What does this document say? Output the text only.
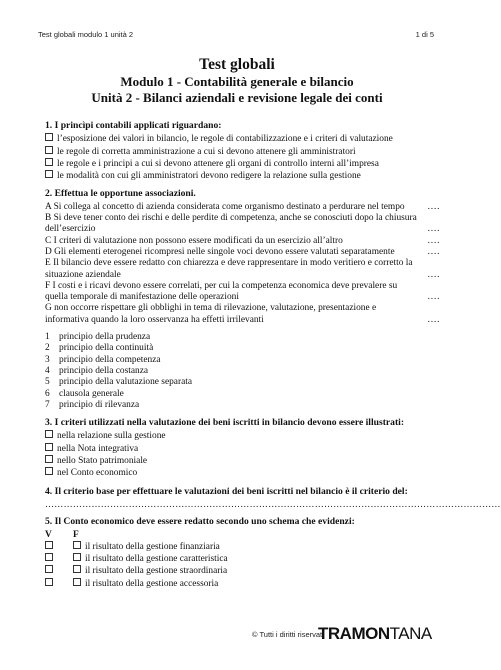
Test globali modulo 1 unità 2	1 di 5
Test globali
Modulo 1 - Contabilità generale e bilancio
Unità 2 - Bilanci aziendali e revisione legale dei conti
1. I princìpi contabili applicati riguardano:
l’esposizione dei valori in bilancio, le regole di contabilizzazione e i criteri di valutazione
le regole di corretta amministrazione a cui si devono attenere gli amministratori
le regole e i principi a cui si devono attenere gli organi di controllo interni all’impresa
le modalità con cui gli amministratori devono redigere la relazione sulla gestione
2. Effettua le opportune associazioni.
A Si collega al concetto di azienda considerata come organismo destinato a perdurare nel tempo	….
B Si deve tener conto dei rischi e delle perdite di competenza, anche se conosciuti dopo la chiusura
dell’esercizio	….
C I criteri di valutazione non possono essere modificati da un esercizio all’altro	….
D Gli elementi eterogenei ricompresi nelle singole voci devono essere valutati separatamente	….
E Il bilancio deve essere redatto con chiarezza e deve rappresentare in modo veritiero e corretto la
situazione aziendale	….
F I costi e i ricavi devono essere correlati, per cui la competenza economica deve prevalere su
quella temporale di manifestazione delle operazioni	….
G non occorre rispettare gli obblighi in tema di rilevazione, valutazione, presentazione e
informativa quando la loro osservanza ha effetti irrilevanti	….
1 principio della prudenza
2 principio della continuità
3 principio della competenza
4 principio della costanza
5 principio della valutazione separata
6 clausola generale
7 principio di rilevanza
3. I criteri utilizzati nella valutazione dei beni iscritti in bilancio devono essere illustrati:
nella relazione sulla gestione
nella Nota integrativa
nello Stato patrimoniale
nel Conto economico
4. Il criterio base per effettuare le valutazioni dei beni iscritti nel bilancio è il criterio del:
…………………………………………………………………………………………………………………………………
5. Il Conto economico deve essere redatto secondo uno schema che evidenzi:
V F
il risultato della gestione finanziaria
il risultato della gestione caratteristica
il risultato della gestione straordinaria
il risultato della gestione accessoria
© Tutti i diritti riservati
TRAMONTANA
